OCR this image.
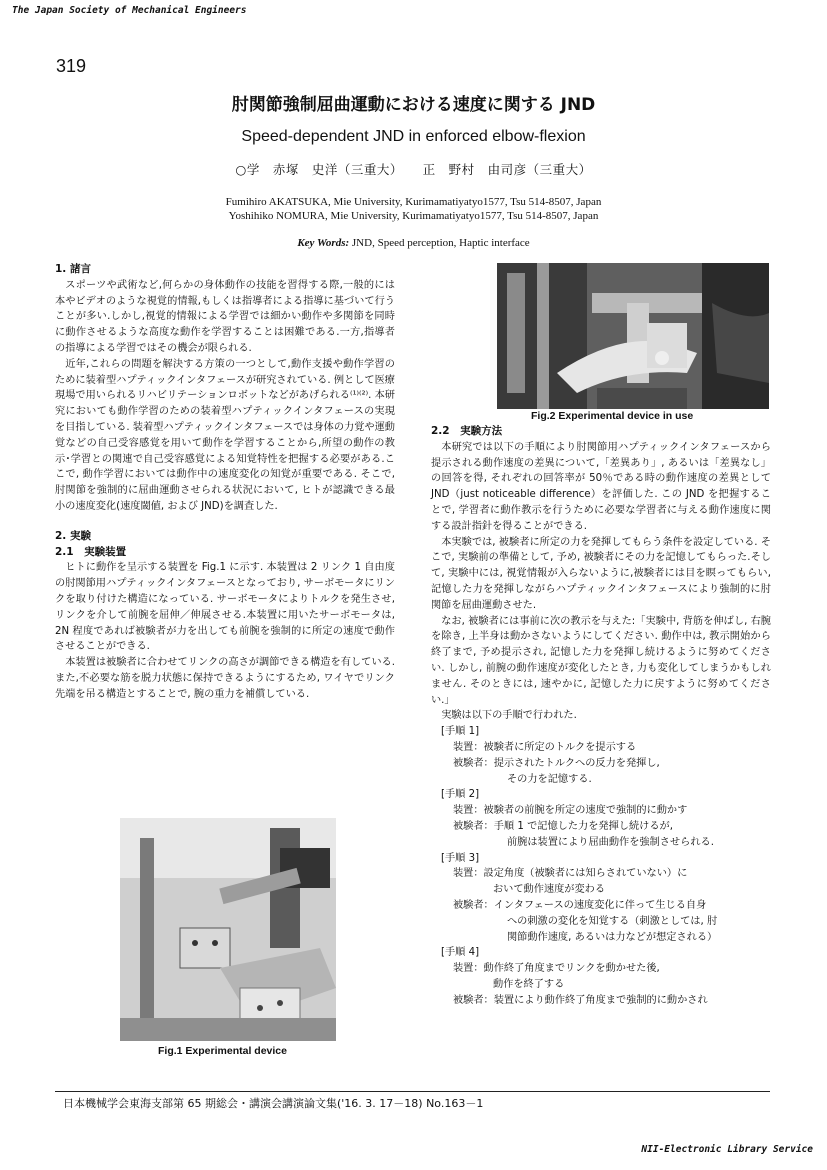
The Japan Society of Mechanical Engineers
319
肘関節強制屈曲運動における速度に関する JND
Speed-dependent JND in enforced elbow-flexion
○学　赤塚　史洋（三重大）　　正　野村　由司彦（三重大）
Fumihiro AKATSUKA, Mie University, Kurimamatiyatyo1577, Tsu 514-8507, Japan
Yoshihiko NOMURA, Mie University, Kurimamatiyatyo1577, Tsu 514-8507, Japan
Key Words: JND, Speed perception, Haptic interface
1. 諸言

スポーツや武術など,何らかの身体動作の技能を習得する際,一般的には本やビデオのような視覚的情報,もしくは指導者による指導に基づいて行うことが多い.しかし,視覚的情報による学習では細かい動作や多関節を同時に動作させるような高度な動作を学習することは困難である.一方,指導者の指導による学習ではその機会が限られる.

近年,これらの問題を解決する方策の一つとして,動作支援や動作学習のために装着型ハプティックインタフェースが研究されている. 例として医療現場で用いられるリハビリテーションロボットなどがあげられる⁽¹⁾⁽²⁾. 本研究においても動作学習のための装着型ハプティックインタフェースの実現を目指している. 装着型ハプティックインタフェースでは身体の力覚や運動覚などの自己受容感覚を用いて動作を学習することから,所望の動作の教示･学習との関連で自己受容感覚による知覚特性を把握する必要がある.ここで, 動作学習においては動作中の速度変化の知覚が重要である. そこで, 肘関節を強制的に屈曲運動させられる状況において, ヒトが認識できる最小の速度変化(速度閾値, および JND)を調査した.

2. 実験
2.1　実験装置

ヒトに動作を呈示する装置を Fig.1 に示す. 本装置は 2 リンク 1 自由度の肘関節用ハプティックインタフェースとなっており, サーボモータにリンクを取り付けた構造になっている. サーボモータによりトルクを発生させ, リンクを介して前腕を屈伸／伸展させる.本装置に用いたサーボモータは, 2N 程度であれば被験者が力を出しても前腕を強制的に所定の速度で動作させることができる.

本装置は被験者に合わせてリンクの高さが調節できる構造を有している.また,不必要な筋を脱力状態に保持できるようにするため, ワイヤでリンク先端を吊る構造とすることで, 腕の重力を補償している.

Fig.2 Experimental device in use
2.2　実験方法

本研究では以下の手順により肘関節用ハプティックインタフェースから提示される動作速度の差異について,「差異あり」, あるいは「差異なし」の回答を得, それぞれの回答率が 50％である時の動作速度の差異として JND（just noticeable difference）を評価した. この JND を把握することで, 学習者に動作教示を行うために必要な学習者に与える動作速度に関する設計指針を得ることができる.

本実験では, 被験者に所定の力を発揮してもらう条件を設定している. そこで, 実験前の準備として, 予め, 被験者にその力を記憶してもらった.そして, 実験中には, 視覚情報が入らないように,被験者には目を瞑ってもらい,記憶した力を発揮しながらハプティックインタフェースにより強制的に肘関節を屈曲運動させた.

なお, 被験者には事前に次の教示を与えた:「実験中, 背筋を伸ばし, 右腕を除き, 上半身は動かさないようにしてください. 動作中は, 教示開始から終了まで, 予め提示され, 記憶した力を発揮し続けるように努めてください. しかし, 前腕の動作速度が変化したとき, 力も変化してしまうかもしれません. そのときには, 速やかに, 記憶した力に戻すように努めてください.」

実験は以下の手順で行われた.

[手順 1]
装置：被験者に所定のトルクを提示する
被験者：提示されたトルクへの反力を発揮し,
その力を記憶する.
[手順 2]
装置：被験者の前腕を所定の速度で強制的に動かす
被験者：手順 1 で記憶した力を発揮し続けるが,
前腕は装置により屈曲動作を強制させられる.
[手順 3]
装置：設定角度（被験者には知らされていない）に
おいて動作速度が変わる
被験者：インタフェースの速度変化に伴って生じる自身
への刺激の変化を知覚する（刺激としては, 肘
関節動作速度, あるいは力などが想定される）
[手順 4]
装置：動作終了角度までリンクを動かせた後,
動作を終了する
被験者：装置により動作終了角度まで強制的に動かされ
Fig.1 Experimental device
日本機械学会東海支部第 65 期総会・講演会講演論文集('16. 3. 17－18) No.163－1
NII-Electronic Library Service
